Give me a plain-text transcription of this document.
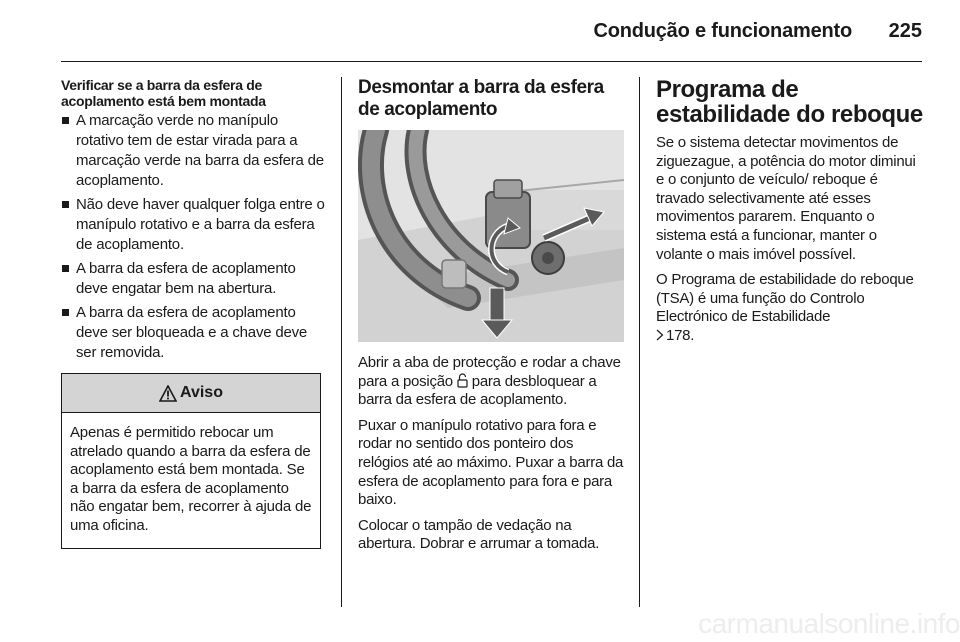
Condução e funcionamento 225

Verificar se a barra da esfera de acoplamento está bem montada

A marcação verde no manípulo rotativo tem de estar virada para a marcação verde na barra da esfera de acoplamento.
Não deve haver qualquer folga entre o manípulo rotativo e a barra da esfera de acoplamento.
A barra da esfera de acoplamento deve engatar bem na abertura.
A barra da esfera de acoplamento deve ser bloqueada e a chave deve ser removida.
Aviso

Apenas é permitido rebocar um atrelado quando a barra da esfera de acoplamento está bem montada. Se a barra da esfera de acoplamento não engatar bem, recorrer à ajuda de uma oficina.

Desmontar a barra da esfera de acoplamento

Abrir a aba de protecção e rodar a chave para a posição para desbloquear a barra da esfera de acoplamento.

Puxar o manípulo rotativo para fora e rodar no sentido dos ponteiro dos relógios até ao máximo. Puxar a barra da esfera de acoplamento para fora e para baixo.

Colocar o tampão de vedação na abertura. Dobrar e arrumar a tomada.

Programa de estabilidade do reboque

Se o sistema detectar movimentos de ziguezague, a potência do motor diminui e o conjunto de veículo/ reboque é travado selectivamente até esses movimentos pararem. Enquanto o sistema está a funcionar, manter o volante o mais imóvel possível.

O Programa de estabilidade do reboque (TSA) é uma função do Controlo Electrónico de Estabilidade
178.

carmanualsonline.info
